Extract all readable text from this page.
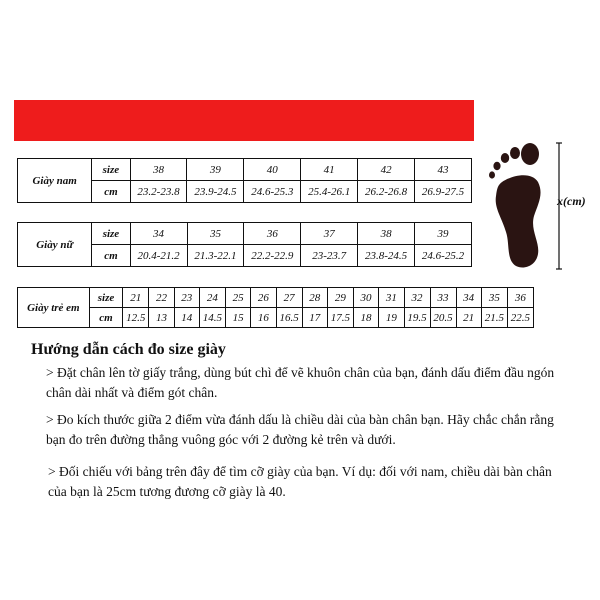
Giày nam	size	38	39	40	41	42	43
	cm	23.2-23.8	23.9-24.5	24.6-25.3	25.4-26.1	26.2-26.8	26.9-27.5
Giày nữ	size	34	35	36	37	38	39
	cm	20.4-21.2	21.3-22.1	22.2-22.9	23-23.7	23.8-24.5	24.6-25.2
Giày trẻ em	size	21	22	23	24	25	26	27	28	29	30	31	32	33	34	35	36
	cm	12.5	13	14	14.5	15	16	16.5	17	17.5	18	19	19.5	20.5	21	21.5	22.5
x(cm)
Hướng dẫn cách đo size giày
> Đặt chân lên tờ giấy trắng, dùng bút chì để vẽ khuôn chân của bạn, đánh dấu điểm đầu ngón chân dài nhất và điểm gót chân.
> Đo kích thước giữa 2 điểm vừa đánh dấu là chiều dài của bàn chân bạn. Hãy chắc chắn rằng bạn đo trên đường thẳng vuông góc với 2 đường kẻ trên và dưới.
> Đối chiếu với bảng trên đây để tìm cỡ giày của bạn. Ví dụ: đối với nam, chiều dài bàn chân của bạn là 25cm tương đương cỡ giày là 40.
